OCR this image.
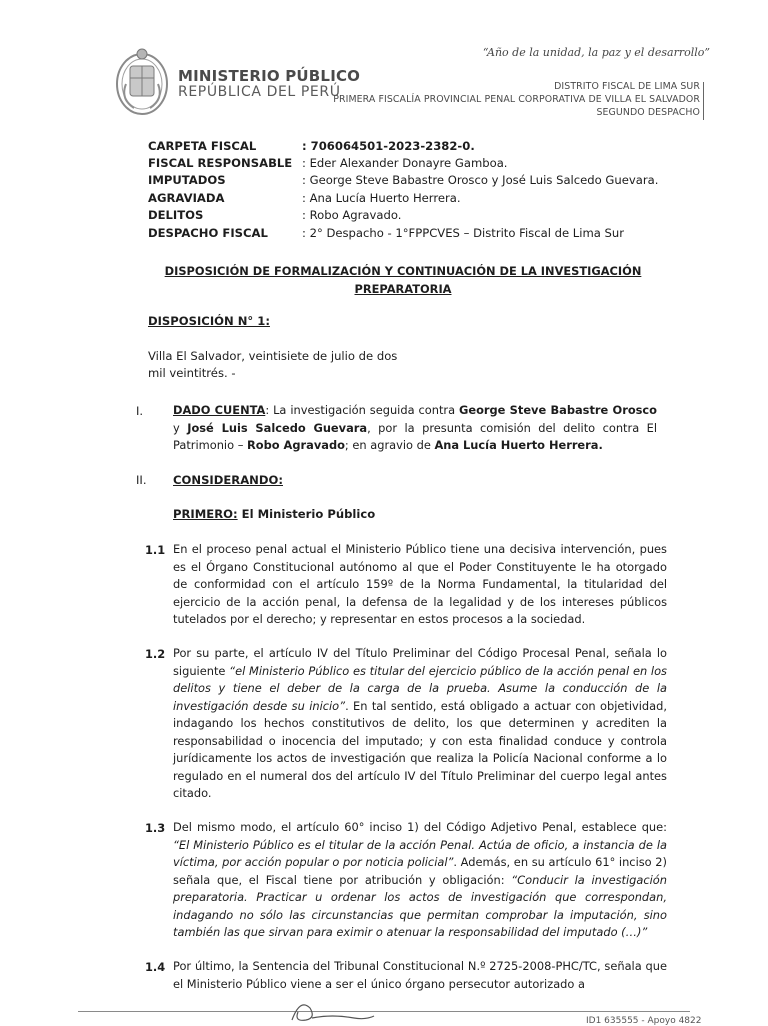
MINISTERIO PÚBLICO
REPÚBLICA DEL PERÚ
“Año de la unidad, la paz y el desarrollo”
DISTRITO FISCAL DE LIMA SUR
PRIMERA FISCALÍA PROVINCIAL PENAL CORPORATIVA DE VILLA EL SALVADOR
SEGUNDO DESPACHO
CARPETA FISCAL	: 706064501-2023-2382-0.
FISCAL RESPONSABLE : Eder Alexander Donayre Gamboa.
IMPUTADOS	: George Steve Babastre Orosco y José Luis Salcedo Guevara.
AGRAVIADA	: Ana Lucía Huerto Herrera.
DELITOS	: Robo Agravado.
DESPACHO FISCAL	: 2° Despacho - 1°FPPCVES – Distrito Fiscal de Lima Sur
DISPOSICIÓN DE FORMALIZACIÓN Y CONTINUACIÓN DE LA INVESTIGACIÓN
PREPARATORIA
DISPOSICIÓN N° 1:
Villa El Salvador, veintisiete de julio de dos mil veintitrés. -
I.	DADO CUENTA: La investigación seguida contra George Steve Babastre Orosco y José Luis Salcedo Guevara, por la presunta comisión del delito contra El Patrimonio – Robo Agravado; en agravio de Ana Lucía Huerto Herrera.
II. CONSIDERANDO:
PRIMERO: El Ministerio Público
1.1 En el proceso penal actual el Ministerio Público tiene una decisiva intervención, pues es el Órgano Constitucional autónomo al que el Poder Constituyente le ha otorgado de conformidad con el artículo 159º de la Norma Fundamental, la titularidad del ejercicio de la acción penal, la defensa de la legalidad y de los intereses públicos tutelados por el derecho; y representar en estos procesos a la sociedad.
1.2 Por su parte, el artículo IV del Título Preliminar del Código Procesal Penal, señala lo siguiente “el Ministerio Público es titular del ejercicio público de la acción penal en los delitos y tiene el deber de la carga de la prueba. Asume la conducción de la investigación desde su inicio”. En tal sentido, está obligado a actuar con objetividad, indagando los hechos constitutivos de delito, los que determinen y acrediten la responsabilidad o inocencia del imputado; y con esta finalidad conduce y controla jurídicamente los actos de investigación que realiza la Policía Nacional conforme a lo regulado en el numeral dos del artículo IV del Título Preliminar del cuerpo legal antes citado.
1.3 Del mismo modo, el artículo 60° inciso 1) del Código Adjetivo Penal, establece que: “El Ministerio Público es el titular de la acción Penal. Actúa de oficio, a instancia de la víctima, por acción popular o por noticia policial”. Además, en su artículo 61° inciso 2) señala que, el Fiscal tiene por atribución y obligación: “Conducir la investigación preparatoria. Practicar u ordenar los actos de investigación que correspondan, indagando no sólo las circunstancias que permitan comprobar la imputación, sino también las que sirvan para eximir o atenuar la responsabilidad del imputado (…)”
1.4 Por último, la Sentencia del Tribunal Constitucional N.º 2725-2008-PHC/TC, señala que el Ministerio Público viene a ser el único órgano persecutor autorizado a
ID1 635555 - Apoyo 4822
